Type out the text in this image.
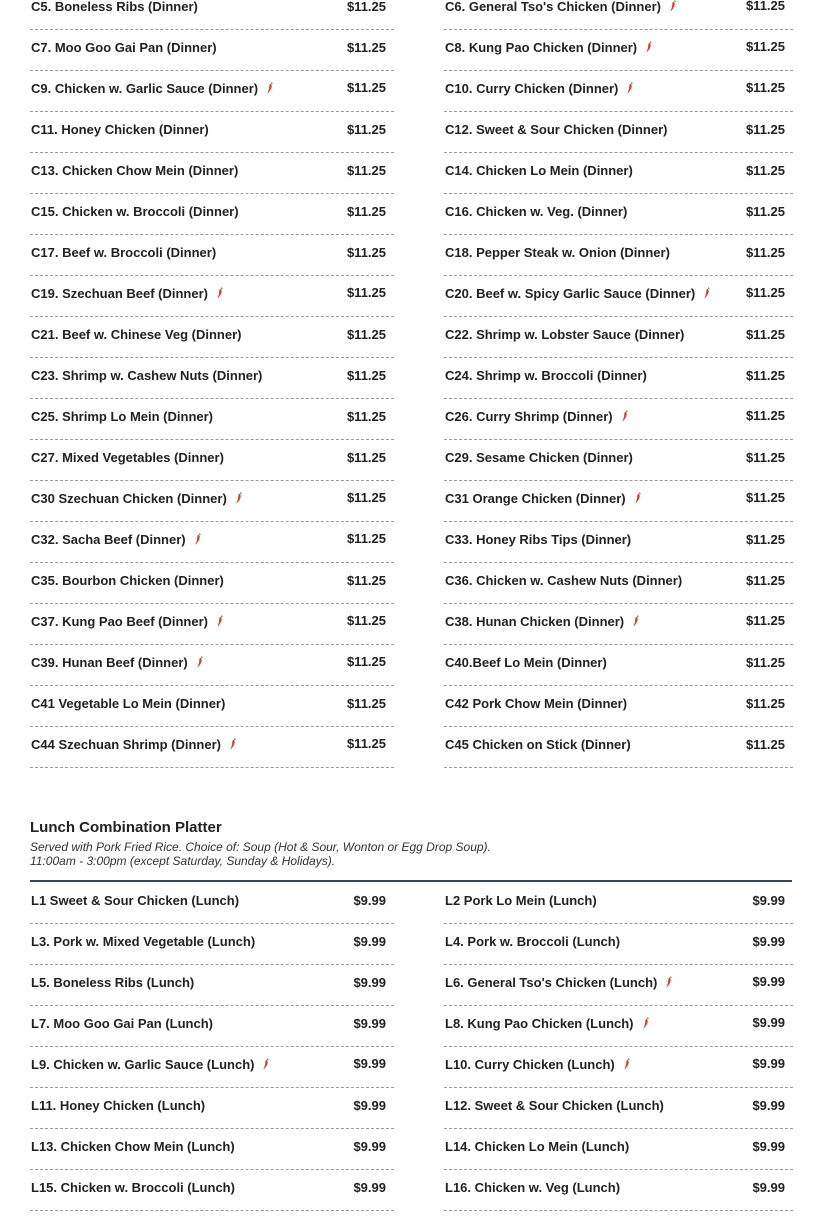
C5. Boneless Ribs (Dinner)	$11.25	C6. General Tso's Chicken (Dinner)	$11.25
C7. Moo Goo Gai Pan (Dinner)	$11.25	C8. Kung Pao Chicken (Dinner)	$11.25
C9. Chicken w. Garlic Sauce (Dinner)	$11.25	C10. Curry Chicken (Dinner)	$11.25
C11. Honey Chicken (Dinner)	$11.25	C12. Sweet & Sour Chicken (Dinner)	$11.25
C13. Chicken Chow Mein (Dinner)	$11.25	C14. Chicken Lo Mein (Dinner)	$11.25
C15. Chicken w. Broccoli (Dinner)	$11.25	C16. Chicken w. Veg. (Dinner)	$11.25
C17. Beef w. Broccoli (Dinner)	$11.25	C18. Pepper Steak w. Onion (Dinner)	$11.25
C19. Szechuan Beef (Dinner)	$11.25	C20. Beef w. Spicy Garlic Sauce (Dinner)	$11.25
C21. Beef w. Chinese Veg (Dinner)	$11.25	C22. Shrimp w. Lobster Sauce (Dinner)	$11.25
C23. Shrimp w. Cashew Nuts (Dinner)	$11.25	C24. Shrimp w. Broccoli (Dinner)	$11.25
C25. Shrimp Lo Mein (Dinner)	$11.25	C26. Curry Shrimp (Dinner)	$11.25
C27. Mixed Vegetables (Dinner)	$11.25	C29. Sesame Chicken (Dinner)	$11.25
C30 Szechuan Chicken (Dinner)	$11.25	C31 Orange Chicken (Dinner)	$11.25
C32. Sacha Beef (Dinner)	$11.25	C33. Honey Ribs Tips (Dinner)	$11.25
C35. Bourbon Chicken (Dinner)	$11.25	C36. Chicken w. Cashew Nuts (Dinner)	$11.25
C37. Kung Pao Beef (Dinner)	$11.25	C38. Hunan Chicken (Dinner)	$11.25
C39. Hunan Beef (Dinner)	$11.25	C40.Beef Lo Mein (Dinner)	$11.25
C41 Vegetable Lo Mein (Dinner)	$11.25	C42 Pork Chow Mein (Dinner)	$11.25
C44 Szechuan Shrimp (Dinner)	$11.25	C45 Chicken on Stick (Dinner)	$11.25
Lunch Combination Platter
Served with Pork Fried Rice. Choice of: Soup (Hot & Sour, Wonton or Egg Drop Soup).
11:00am - 3:00pm (except Saturday, Sunday & Holidays).
L1 Sweet & Sour Chicken (Lunch)	$9.99	L2 Pork Lo Mein (Lunch)	$9.99
L3. Pork w. Mixed Vegetable (Lunch)	$9.99	L4. Pork w. Broccoli (Lunch)	$9.99
L5. Boneless Ribs (Lunch)	$9.99	L6. General Tso's Chicken (Lunch)	$9.99
L7. Moo Goo Gai Pan (Lunch)	$9.99	L8. Kung Pao Chicken (Lunch)	$9.99
L9. Chicken w. Garlic Sauce (Lunch)	$9.99	L10. Curry Chicken (Lunch)	$9.99
L11. Honey Chicken (Lunch)	$9.99	L12. Sweet & Sour Chicken (Lunch)	$9.99
L13. Chicken Chow Mein (Lunch)	$9.99	L14. Chicken Lo Mein (Lunch)	$9.99
L15. Chicken w. Broccoli (Lunch)	$9.99	L16. Chicken w. Veg (Lunch)	$9.99
